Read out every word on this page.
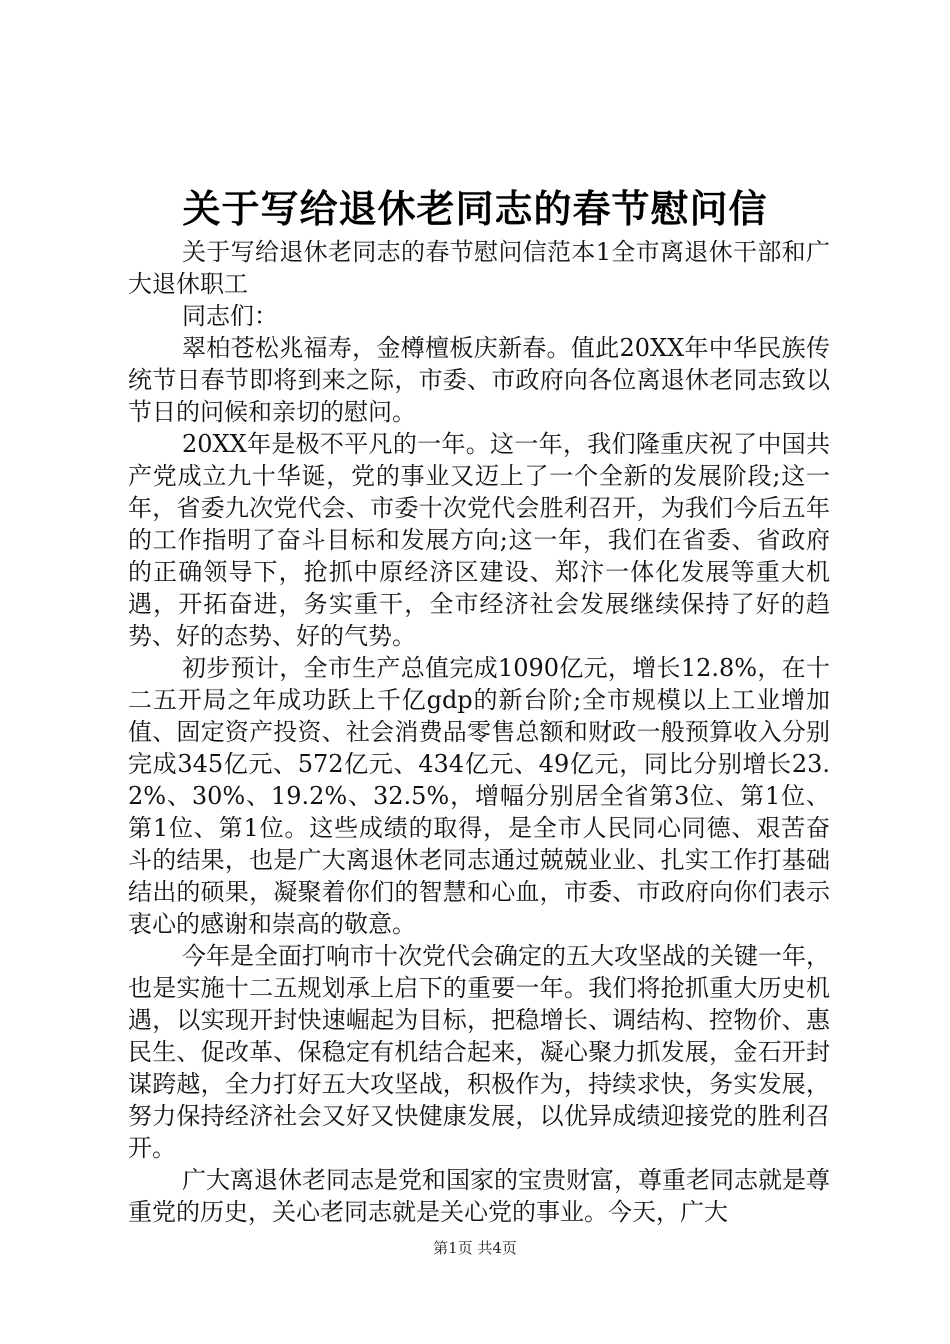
关于写给退休老同志的春节慰问信

关于写给退休老同志的春节慰问信范本1全市离退休干部和广大退休职工

同志们：

翠柏苍松兆福寿，金樽檀板庆新春。值此20XX年中华民族传统节日春节即将到来之际，市委、市政府向各位离退休老同志致以节日的问候和亲切的慰问。

20XX年是极不平凡的一年。这一年，我们隆重庆祝了中国共产党成立九十华诞，党的事业又迈上了一个全新的发展阶段;这一年，省委九次党代会、市委十次党代会胜利召开，为我们今后五年的工作指明了奋斗目标和发展方向;这一年，我们在省委、省政府的正确领导下，抢抓中原经济区建设、郑汴一体化发展等重大机遇，开拓奋进，务实重干，全市经济社会发展继续保持了好的趋势、好的态势、好的气势。

初步预计，全市生产总值完成1090亿元，增长12.8%，在十二五开局之年成功跃上千亿gdp的新台阶;全市规模以上工业增加值、固定资产投资、社会消费品零售总额和财政一般预算收入分别完成345亿元、572亿元、434亿元、49亿元，同比分别增长23.2%、30%、19.2%、32.5%，增幅分别居全省第3位、第1位、第1位、第1位。这些成绩的取得，是全市人民同心同德、艰苦奋斗的结果，也是广大离退休老同志通过兢兢业业、扎实工作打基础结出的硕果，凝聚着你们的智慧和心血，市委、市政府向你们表示衷心的感谢和崇高的敬意。

今年是全面打响市十次党代会确定的五大攻坚战的关键一年，也是实施十二五规划承上启下的重要一年。我们将抢抓重大历史机遇，以实现开封快速崛起为目标，把稳增长、调结构、控物价、惠民生、促改革、保稳定有机结合起来，凝心聚力抓发展，金石开封谋跨越，全力打好五大攻坚战，积极作为，持续求快，务实发展，努力保持经济社会又好又快健康发展，以优异成绩迎接党的胜利召开。

广大离退休老同志是党和国家的宝贵财富，尊重老同志就是尊重党的历史，关心老同志就是关心党的事业。今天，广大

第1页 共4页
